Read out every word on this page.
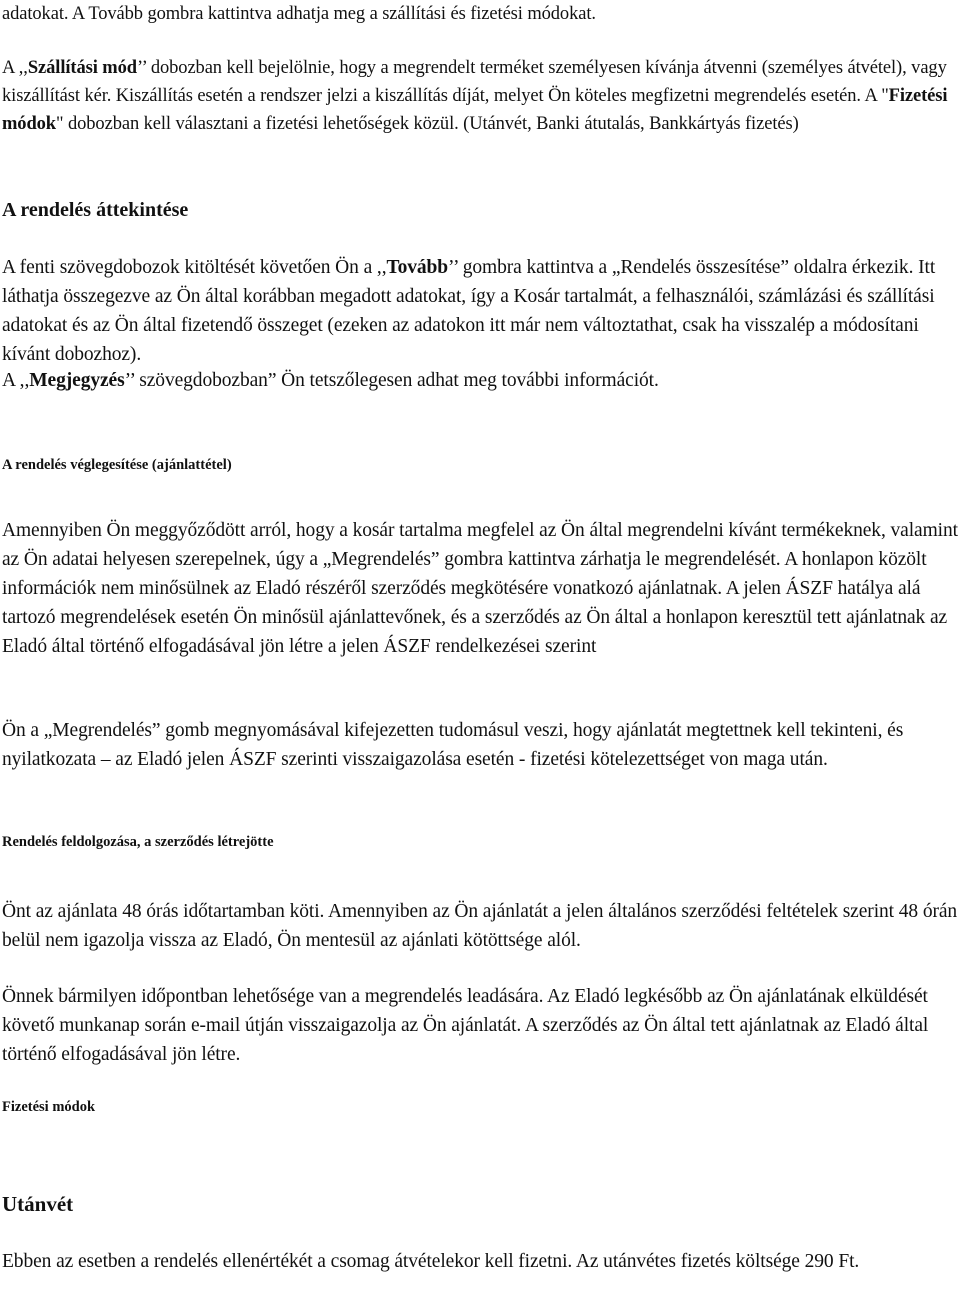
adatokat. A Tovább gombra kattintva adhatja meg a szállítási és fizetési módokat.

A ,,Szállítási mód’’ dobozban kell bejelölnie, hogy a megrendelt terméket személyesen kívánja átvenni (személyes átvétel), vagy kiszállítást kér. Kiszállítás esetén a rendszer jelzi a kiszállítás díját, melyet Ön köteles megfizetni megrendelés esetén. A "Fizetési módok" dobozban kell választani a fizetési lehetőségek közül. (Utánvét, Banki átutalás, Bankkártyás fizetés)

A rendelés áttekintése

A fenti szövegdobozok kitöltését követően Ön a ,,Tovább’’ gombra kattintva a „Rendelés összesítése” oldalra érkezik. Itt láthatja összegezve az Ön által korábban megadott adatokat, így a Kosár tartalmát, a felhasználói, számlázási és szállítási adatokat és az Ön által fizetendő összeget (ezeken az adatokon itt már nem változtathat, csak ha visszalép a módosítani kívánt dobozhoz).

A ,,Megjegyzés’’ szövegdobozban” Ön tetszőlegesen adhat meg további információt.

A rendelés véglegesítése (ajánlattétel)

Amennyiben Ön meggyőződött arról, hogy a kosár tartalma megfelel az Ön által megrendelni kívánt termékeknek, valamint az Ön adatai helyesen szerepelnek, úgy a „Megrendelés” gombra kattintva zárhatja le megrendelését. A honlapon közölt információk nem minősülnek az Eladó részéről szerződés megkötésére vonatkozó ajánlatnak. A jelen ÁSZF hatálya alá tartozó megrendelések esetén Ön minősül ajánlattevőnek, és a szerződés az Ön által a honlapon keresztül tett ajánlatnak az Eladó által történő elfogadásával jön létre a jelen ÁSZF rendelkezései szerint

Ön a „Megrendelés” gomb megnyomásával kifejezetten tudomásul veszi, hogy ajánlatát megtettnek kell tekinteni, és nyilatkozata – az Eladó jelen ÁSZF szerinti visszaigazolása esetén - fizetési kötelezettséget von maga után.

Rendelés feldolgozása, a szerződés létrejötte

Önt az ajánlata 48 órás időtartamban köti. Amennyiben az Ön ajánlatát a jelen általános szerződési feltételek szerint 48 órán belül nem igazolja vissza az Eladó, Ön mentesül az ajánlati kötöttsége alól.

Önnek bármilyen időpontban lehetősége van a megrendelés leadására. Az Eladó legkésőbb az Ön ajánlatának elküldését követő munkanap során e-mail útján visszaigazolja az Ön ajánlatát. A szerződés az Ön által tett ajánlatnak az Eladó által történő elfogadásával jön létre.

Fizetési módok
Utánvét

Ebben az esetben a rendelés ellenértékét a csomag átvételekor kell fizetni. Az utánvétes fizetés költsége 290 Ft.
